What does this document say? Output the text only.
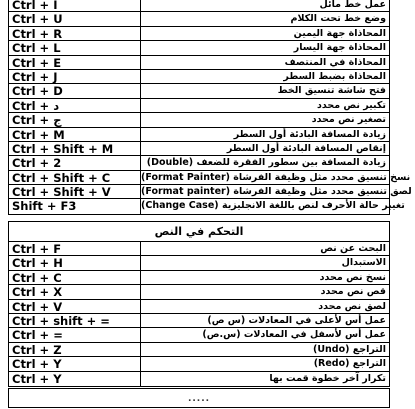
Ctrl + I	عمل خط مائل
Ctrl + U	وضع خط تحت الكلام
Ctrl + R	المحاذاة جهة اليمين
Ctrl + L	المحاذاة جهة اليسار
Ctrl + E	المحاذاة في المنتصف
Ctrl + J	المحاذاة بضبط السطر
Ctrl + D	فتح شاشة تنسيق الخط
Ctrl + د	تكبير نص محدد
Ctrl + ج	تصغير نص محدد
Ctrl + M	زيادة المسافة البادئة أول السطر
Ctrl + Shift + M	إنقاص المسافة البادئة أول السطر
Ctrl + 2	زيادة المسافة بين سطور الفقرة للضعف (Double)
Ctrl + Shift + C	نسخ تنسيق محدد مثل وظيفة الفرشاة (Format Painter)
Ctrl + Shift + V	لصق تنسيق محدد مثل وظيفة الفرشاة (Format painter)
Shift + F3	تغيير حالة الأحرف لنص باللغة الانجليزية (Change Case)
التحكم في النص
Ctrl + F	البحث عن نص
Ctrl + H	الاستبدال
Ctrl + C	نسخ نص محدد
Ctrl + X	قص نص محدد
Ctrl + V	لصق نص محدد
Ctrl + shift + =	عمل أس لأعلى في المعادلات (س ص)
Ctrl + =	عمل أس لأسفل في المعادلات (س.ص)
Ctrl + Z	التراجع (Undo)
Ctrl + Y	التراجع (Redo)
Ctrl + Y	تكرار آخر خطوة قمت بها
.....
